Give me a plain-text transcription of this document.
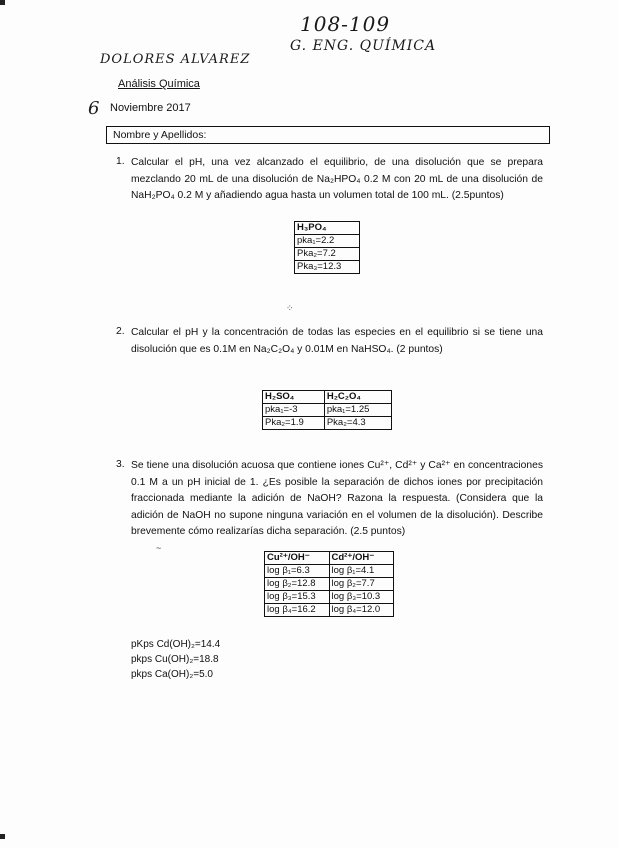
108-109
G. ENG. QUÍMICA
DOLORES ALVAREZ
6
Análisis Química
Noviembre 2017
Nombre y Apellidos:
1. Calcular el pH, una vez alcanzado el equilibrio, de una disolución que se prepara mezclando 20 mL de una disolución de Na₂HPO₄ 0.2 M con 20 mL de una disolución de NaH₂PO₄ 0.2 M y añadiendo agua hasta un volumen total de 100 mL. (2.5puntos)
H₃PO₄
pka₁=2.2
Pka₂=7.2
Pka₃=12.3
⁘
2. Calcular el pH y la concentración de todas las especies en el equilibrio si se tiene una disolución que es 0.1M en Na₂C₂O₄ y 0.01M en NaHSO₄. (2 puntos)
H₂SO₄	H₂C₂O₄
pka₁=-3	pka₁=1.25
Pka₂=1.9	Pka₂=4.3
3. Se tiene una disolución acuosa que contiene iones Cu²⁺, Cd²⁺ y Ca²⁺ en concentraciones 0.1 M a un pH inicial de 1. ¿Es posible la separación de dichos iones por precipitación fraccionada mediante la adición de NaOH? Razona la respuesta. (Considera que la adición de NaOH no supone ninguna variación en el volumen de la disolución). Describe brevemente cómo realizarías dicha separación. (2.5 puntos)
~
Cu²⁺/OH⁻	Cd²⁺/OH⁻
log β₁=6.3	log β₁=4.1
log β₂=12.8	log β₂=7.7
log β₃=15.3	log β₃=10.3
log β₄=16.2	log β₄=12.0
pKps Cd(OH)₂=14.4
pkps Cu(OH)₂=18.8
pkps Ca(OH)₂=5.0
